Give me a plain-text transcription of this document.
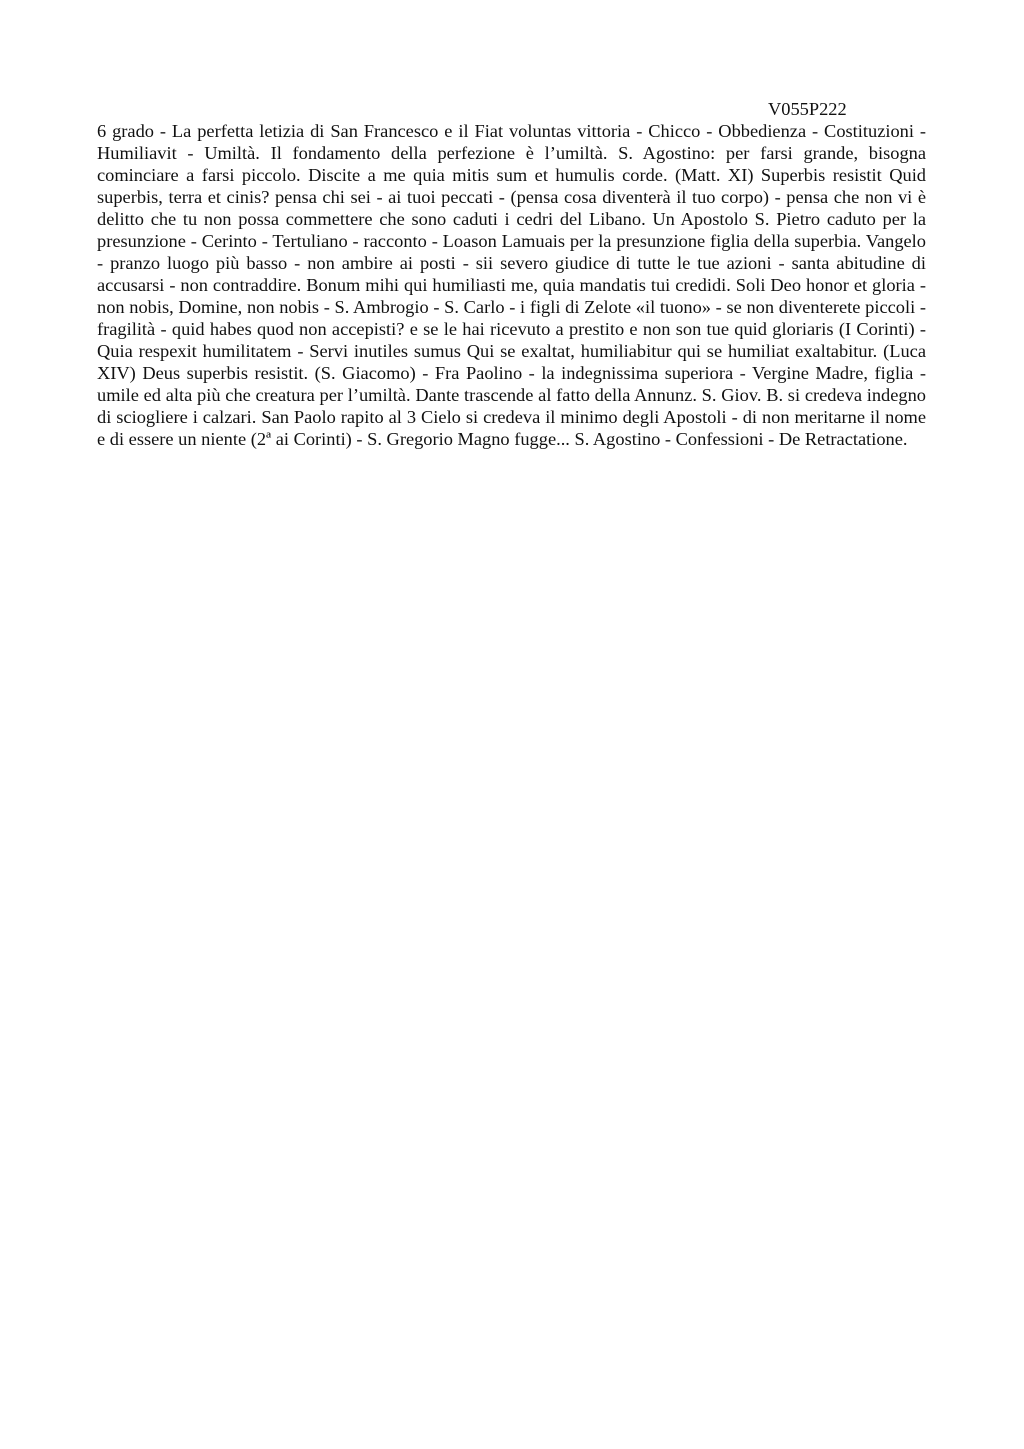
V055P222

6 grado - La perfetta letizia di San Francesco e il Fiat voluntas vittoria - Chicco - Obbedienza - Costituzioni - Humiliavit - Umiltà. Il fondamento della perfezione è l’umiltà. S. Agostino: per farsi grande, bisogna cominciare a farsi piccolo. Discite a me quia mitis sum et humulis corde. (Matt. XI) Superbis resistit Quid superbis, terra et cinis? pensa chi sei - ai tuoi peccati - (pensa cosa diventerà il tuo corpo) - pensa che non vi è delitto che tu non possa commettere che sono caduti i cedri del Libano. Un Apostolo S. Pietro caduto per la presunzione - Cerinto - Tertuliano - racconto - Loason Lamuais per la presunzione figlia della superbia. Vangelo - pranzo luogo più basso - non ambire ai posti - sii severo giudice di tutte le tue azioni - santa abitudine di accusarsi - non contraddire. Bonum mihi qui humiliasti me, quia mandatis tui credidi. Soli Deo honor et gloria - non nobis, Domine, non nobis - S. Ambrogio - S. Carlo - i figli di Zelote «il tuono» - se non diventerete piccoli - fragilità - quid habes quod non accepisti? e se le hai ricevuto a prestito e non son tue quid gloriaris (I Corinti) - Quia respexit humilitatem - Servi inutiles sumus Qui se exaltat, humiliabitur qui se humiliat exaltabitur. (Luca XIV) Deus superbis resistit. (S. Giacomo) - Fra Paolino - la indegnissima superiora - Vergine Madre, figlia - umile ed alta più che creatura per l’umiltà. Dante trascende al fatto della Annunz. S. Giov. B. si credeva indegno di sciogliere i calzari. San Paolo rapito al 3 Cielo si credeva il minimo degli Apostoli - di non meritarne il nome e di essere un niente (2ª ai Corinti) - S. Gregorio Magno fugge... S. Agostino - Confessioni - De Retractatione.
